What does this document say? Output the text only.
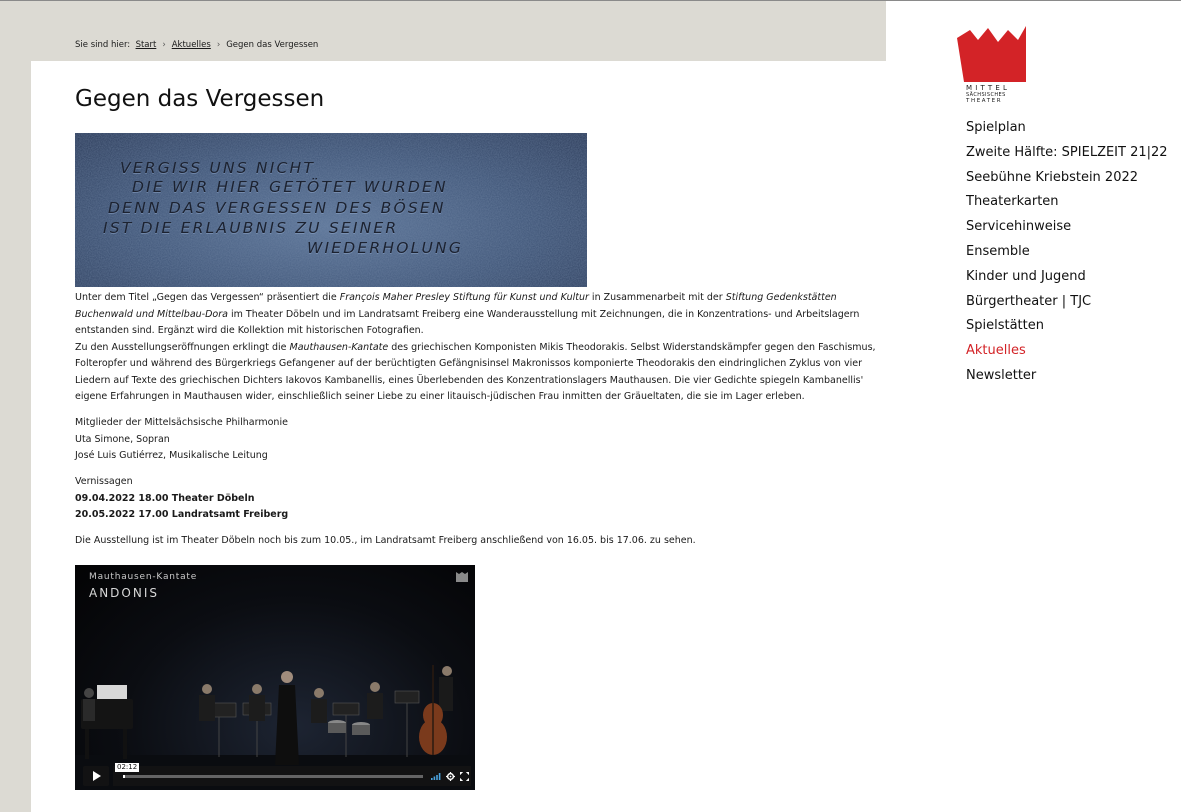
Sie sind hier:
Start › Aktuelles › Gegen das Vergessen
Gegen das Vergessen

VERGISS UNS NICHT

DIE WIR HIER GETÖTET WURDEN

DENN DAS VERGESSEN DES BÖSEN

IST DIE ERLAUBNIS ZU SEINER

WIEDERHOLUNG

Unter dem Titel „Gegen das Vergessen“ präsentiert die François Maher Presley Stiftung für Kunst und Kultur in Zusammenarbeit mit der Stiftung Gedenkstätten Buchenwald und Mittelbau-Dora im Theater Döbeln und im Landratsamt Freiberg eine Wanderausstellung mit Zeichnungen, die in Konzentrations- und Arbeitslagern entstanden sind. Ergänzt wird die Kollektion mit historischen Fotografien.

Zu den Ausstellungseröffnungen erklingt die Mauthausen-Kantate des griechischen Komponisten Mikis Theodorakis. Selbst Widerstandskämpfer gegen den Faschismus, Folteropfer und während des Bürgerkriegs Gefangener auf der berüchtigten Gefängnisinsel Makronissos komponierte Theodorakis den eindringlichen Zyklus von vier Liedern auf Texte des griechischen Dichters Iakovos Kambanellis, eines Überlebenden des Konzentrationslagers Mauthausen. Die vier Gedichte spiegeln Kambanellis' eigene Erfahrungen in Mauthausen wider, einschließlich seiner Liebe zu einer litauisch-jüdischen Frau inmitten der Gräueltaten, die sie im Lager erleben.

Mitglieder der Mittelsächsische Philharmonie

Uta Simone, Sopran

José Luis Gutiérrez, Musikalische Leitung

Vernissagen

09.04.2022 18.00 Theater Döbeln

20.05.2022 17.00 Landratsamt Freiberg

Die Ausstellung ist im Theater Döbeln noch bis zum 10.05., im Landratsamt Freiberg anschließend von 16.05. bis 17.06. zu sehen.

Mauthausen-Kantate
ANDONIS
02:12
MITTEL
SÄCHSISCHES
THEATER
Spielplan
Zweite Hälfte: SPIELZEIT 21|22
Seebühne Kriebstein 2022
Theaterkarten
Servicehinweise
Ensemble
Kinder und Jugend
Bürgertheater | TJC
Spielstätten
Aktuelles
Newsletter
